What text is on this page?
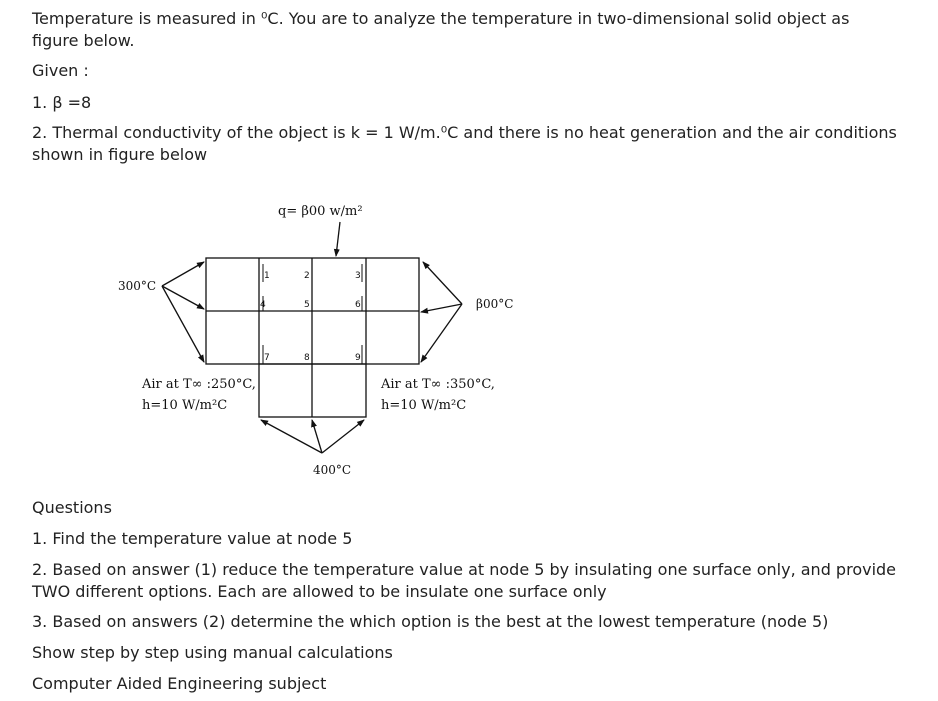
Temperature is measured in ⁰C. You are to analyze the temperature in two-dimensional solid object as figure below.

Given :

1. β =8

2. Thermal conductivity of the object is k = 1 W/m.⁰C and there is no heat generation and the air conditions shown in figure below

1	2	3
4	5	6
7	8	9
q= β00 w/m²
300°C
β00°C
400°C
Air at T∞ :250°C,
h=10 W/m²C
Air at T∞ :350°C,
h=10 W/m²C

Questions

1. Find the temperature value at node 5

2. Based on answer (1) reduce the temperature value at node 5 by insulating one surface only, and provide TWO different options. Each are allowed to be insulate one surface only

3. Based on answers (2) determine the which option is the best at the lowest temperature (node 5)

Show step by step using manual calculations

Computer Aided Engineering subject
